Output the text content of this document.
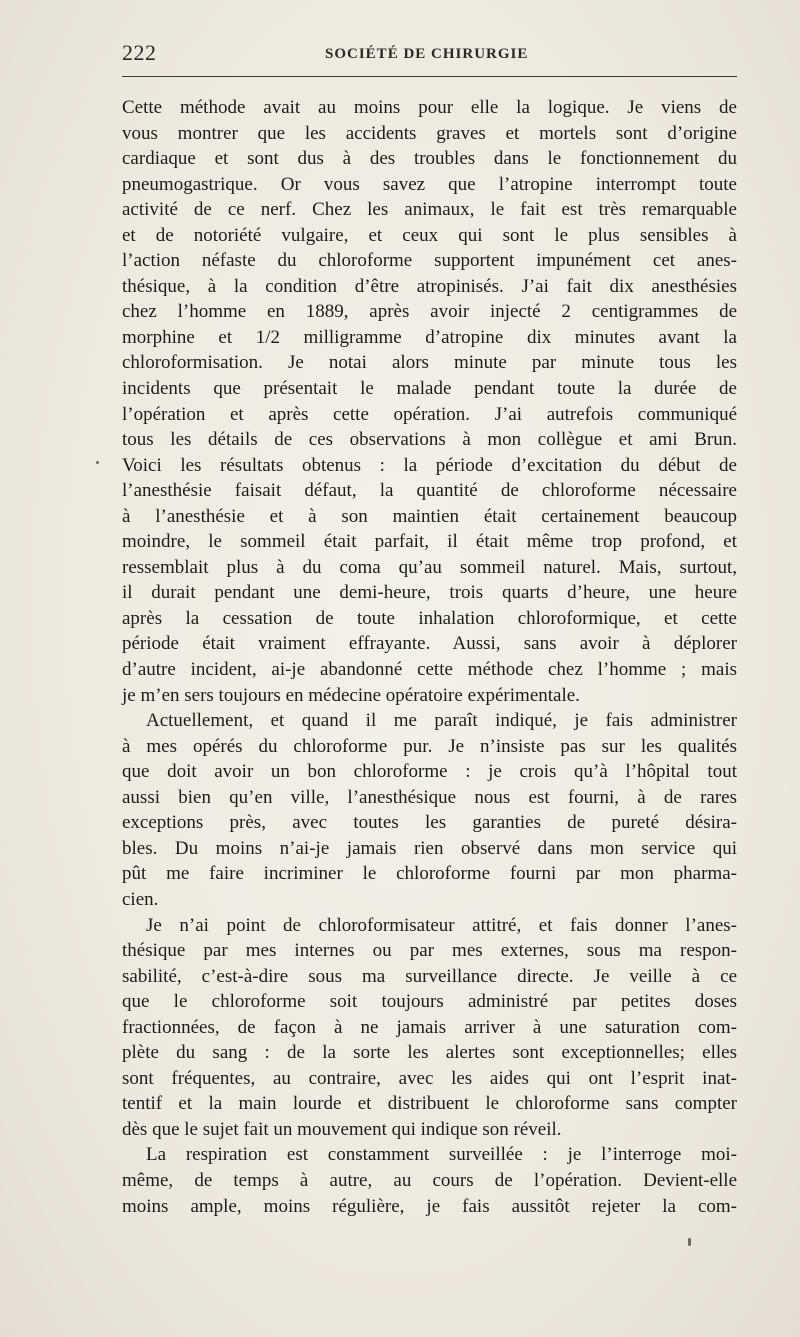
222	SOCIÉTÉ DE CHIRURGIE

Cette méthode avait au moins pour elle la logique. Je viens de
vous montrer que les accidents graves et mortels sont d’origine
cardiaque et sont dus à des troubles dans le fonctionnement du
pneumogastrique. Or vous savez que l’atropine interrompt toute
activité de ce nerf. Chez les animaux, le fait est très remarquable
et de notoriété vulgaire, et ceux qui sont le plus sensibles à
l’action néfaste du chloroforme supportent impunément cet anes-
thésique, à la condition d’être atropinisés. J’ai fait dix anesthésies
chez l’homme en 1889, après avoir injecté 2 centigrammes de
morphine et 1/2 milligramme d’atropine dix minutes avant la
chloroformisation. Je notai alors minute par minute tous les
incidents que présentait le malade pendant toute la durée de
l’opération et après cette opération. J’ai autrefois communiqué
tous les détails de ces observations à mon collègue et ami Brun.
Voici les résultats obtenus : la période d’excitation du début de
l’anesthésie faisait défaut, la quantité de chloroforme nécessaire
à l’anesthésie et à son maintien était certainement beaucoup
moindre, le sommeil était parfait, il était même trop profond, et
ressemblait plus à du coma qu’au sommeil naturel. Mais, surtout,
il durait pendant une demi-heure, trois quarts d’heure, une heure
après la cessation de toute inhalation chloroformique, et cette
période était vraiment effrayante. Aussi, sans avoir à déplorer
d’autre incident, ai-je abandonné cette méthode chez l’homme ; mais
je m’en sers toujours en médecine opératoire expérimentale.

Actuellement, et quand il me paraît indiqué, je fais administrer
à mes opérés du chloroforme pur. Je n’insiste pas sur les qualités
que doit avoir un bon chloroforme : je crois qu’à l’hôpital tout
aussi bien qu’en ville, l’anesthésique nous est fourni, à de rares
exceptions près, avec toutes les garanties de pureté désira-
bles. Du moins n’ai-je jamais rien observé dans mon service qui
pût me faire incriminer le chloroforme fourni par mon pharma-
cien.

Je n’ai point de chloroformisateur attitré, et fais donner l’anes-
thésique par mes internes ou par mes externes, sous ma respon-
sabilité, c’est-à-dire sous ma surveillance directe. Je veille à ce
que le chloroforme soit toujours administré par petites doses
fractionnées, de façon à ne jamais arriver à une saturation com-
plète du sang : de la sorte les alertes sont exceptionnelles; elles
sont fréquentes, au contraire, avec les aides qui ont l’esprit inat-
tentif et la main lourde et distribuent le chloroforme sans compter
dès que le sujet fait un mouvement qui indique son réveil.

La respiration est constamment surveillée : je l’interroge moi-
même, de temps à autre, au cours de l’opération. Devient-elle
moins ample, moins régulière, je fais aussitôt rejeter la com-
